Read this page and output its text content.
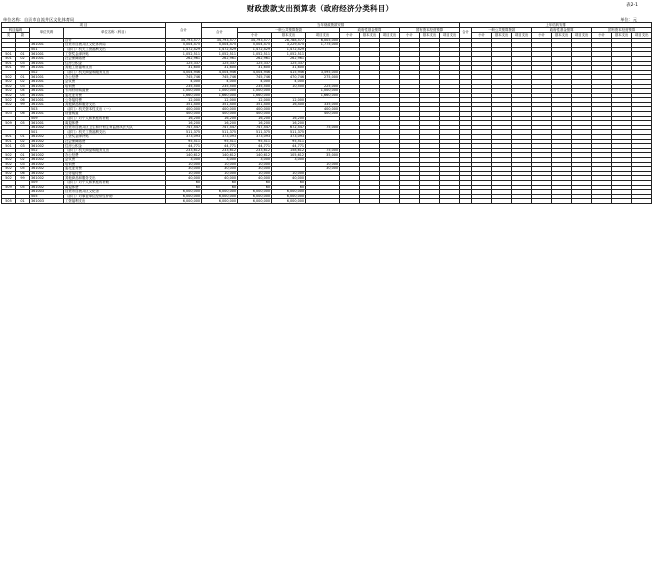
表2-1
财政拨款支出预算表（政府经济分类科目）
单位名称：自贡市自流井区文化体育局	单位：元
项 目				合计	当年财政拨款安排										上年结转安排									
科目编码		单位代码	单位名称（科目）		合计	一般公共预算拨款			政府性基金预算			国有资本经营预算			合计	一般公共预算拨款			政府性基金预算			国有资本经营预算		
类	款					小计	基本支出	项目支出	小计	基本支出	项目支出	小计	基本支出	项目支出		小计	基本支出	项目支出	小计	基本支出	项目支出	小计	基本支出	项目支出
			合计	34,793,577	34,793,577	34,793,577	28,788,577	6,005,000																
		361001	自贡市自流井区文化体育局	5,004,475	5,004,475	5,004,475	3,229,475	1,775,000																
		501	（部门）机关工资福利支出	1,472,429	1,472,429	1,472,429	1,472,429																	
501	01	361001	工资奖金津补贴	1,052,511	1,052,511	1,052,511	1,052,511																	
501	02	361001	社会保障缴费	262,961	262,961	262,961	262,961																	
501	03	361001	住房公积金	125,337	125,337	125,337	125,337																	
501	99	361001	其他工资福利支出	31,600	31,600	31,600	31,600																	
		502	（部门）机关商品和服务支出	4,004,946	4,004,946	4,004,946	415,946	3,595,000																
502	01	361001	办公经费	745,746	745,746	745,746	470,746	275,000																
502	02	361001	会议费	4,000	4,000	4,000	4,000																	
502	03	361001	培训费	235,500	235,500	235,500	10,500	225,000																
502	04	361001	专用材料购置费	1,000,000	1,000,000	1,000,000		1,000,000																
502	05	361001	委托业务费	1,660,000	1,660,000	1,660,000		1,660,000																
502	06	361001	公务接待费	12,000	12,000	12,000	12,000																	
502	99	361001	其他商品和服务支出	351,400	351,400	351,400	16,400	335,000																
		503	（部门）机关资本性支出（一）	400,000	400,000	400,000		400,000																
503	06	361001	设备购置	400,000	400,000	400,000		400,000																
		509	（部门）对个人和家庭的补助	16,200	16,200	16,200	16,200																	
509	05	361001	离退休费	16,200	16,200	16,200	16,200																	
		361002	自贡市自流井区卫生和计划生育监督执法大队	747,547	747,547	747,547	672,547	75,000																
		501	（部门）机关工资福利支出	511,375	511,375	511,375	511,375																	
501	01	361002	工资奖金津补贴	373,093	373,093	373,093	373,093																	
501	02	361002	社会保障缴费	95,511	95,511	95,511	95,511																	
501	03	361002	住房公积金	44,771	44,771	44,771	44,771																	
		502	（部门）机关商品和服务支出	233,612	233,612	233,612	158,612	75,000																
502	01	361002	办公经费	140,612	140,612	140,612	105,612	35,000																
502	02	361002	会议费	3,000	3,000	3,000	3,000																	
502	03	361002	培训费	10,000	10,000	10,000		10,000																
502	05	361002	委托业务费	30,000	30,000	30,000		30,000																
502	06	361002	公务接待费	10,000	10,000	10,000	10,000																	
502	99	361002	其他商品和服务支出	40,000	40,000	40,000	40,000																	
		509	（部门）对个人和家庭的补助	60	60	60	60																	
509	05	361002	离退休费	60	60	60	60																	
		361003	自贡市自流井区文化馆	6,000,000	6,000,000	6,000,000	6,000,000																	
		505	（部门）对事业单位经常性补助	6,000,000	6,000,000	6,000,000	6,000,000																	
505	01	361003	工资福利支出	6,000,000	6,000,000	6,000,000	6,000,000																	
